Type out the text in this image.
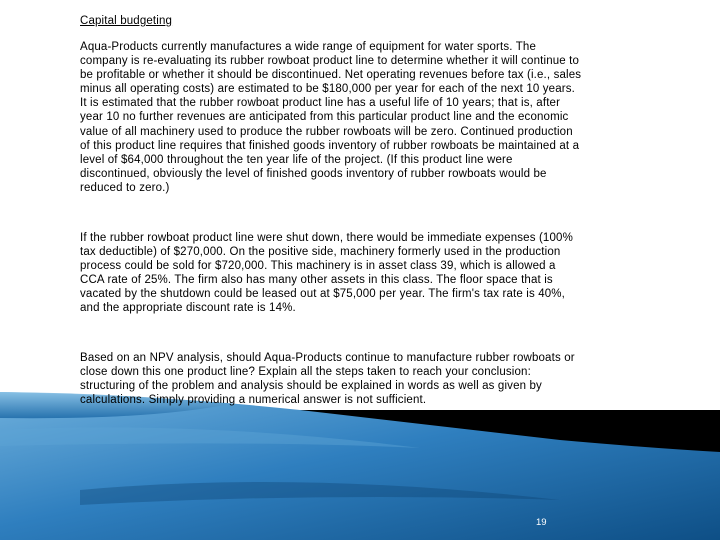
Capital budgeting

Aqua-Products currently manufactures a wide range of equipment for water sports. The
company is re-evaluating its rubber rowboat product line to determine whether it will continue to
be profitable or whether it should be discontinued. Net operating revenues before tax (i.e., sales
minus all operating costs) are estimated to be $180,000 per year for each of the next 10 years.
It is estimated that the rubber rowboat product line has a useful life of 10 years; that is, after
year 10 no further revenues are anticipated from this particular product line and the economic
value of all machinery used to produce the rubber rowboats will be zero. Continued production
of this product line requires that finished goods inventory of rubber rowboats be maintained at a
level of $64,000 throughout the ten year life of the project. (If this product line were
discontinued, obviously the level of finished goods inventory of rubber rowboats would be
reduced to zero.)

If the rubber rowboat product line were shut down, there would be immediate expenses (100%
tax deductible) of $270,000. On the positive side, machinery formerly used in the production
process could be sold for $720,000. This machinery is in asset class 39, which is allowed a
CCA rate of 25%. The firm also has many other assets in this class. The floor space that is
vacated by the shutdown could be leased out at $75,000 per year. The firm's tax rate is 40%,
and the appropriate discount rate is 14%.

Based on an NPV analysis, should Aqua-Products continue to manufacture rubber rowboats or
close down this one product line? Explain all the steps taken to reach your conclusion:
structuring of the problem and analysis should be explained in words as well as given by
calculations. Simply providing a numerical answer is not sufficient.

19
